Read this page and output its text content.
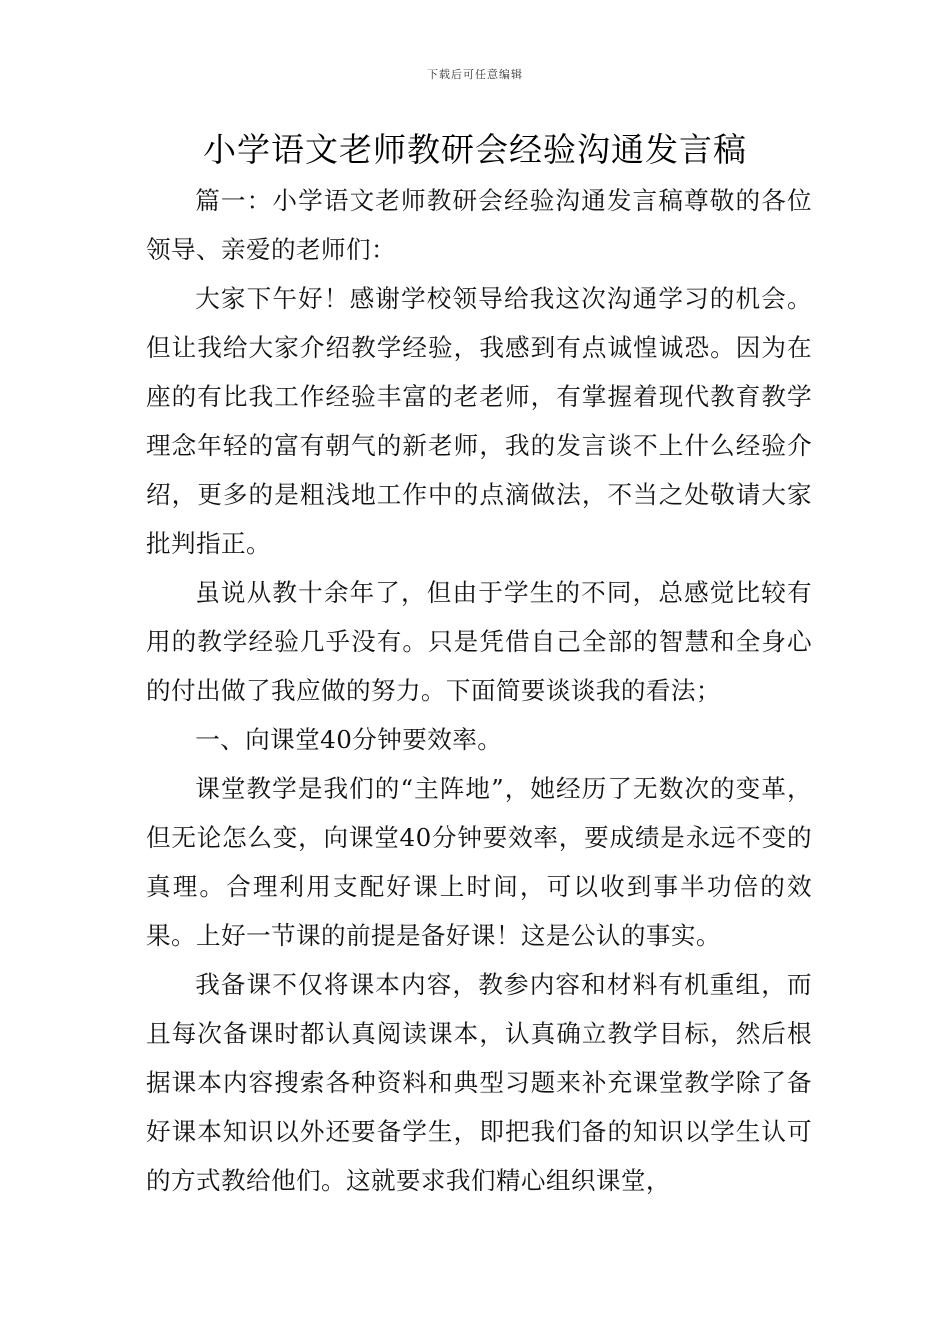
下载后可任意编辑
小学语文老师教研会经验沟通发言稿

篇一：小学语文老师教研会经验沟通发言稿尊敬的各位领导、亲爱的老师们：

大家下午好！感谢学校领导给我这次沟通学习的机会。但让我给大家介绍教学经验，我感到有点诚惶诚恐。因为在座的有比我工作经验丰富的老老师，有掌握着现代教育教学理念年轻的富有朝气的新老师，我的发言谈不上什么经验介绍，更多的是粗浅地工作中的点滴做法，不当之处敬请大家批判指正。

虽说从教十余年了，但由于学生的不同，总感觉比较有用的教学经验几乎没有。只是凭借自己全部的智慧和全身心的付出做了我应做的努力。下面简要谈谈我的看法；

一、向课堂40分钟要效率。

课堂教学是我们的“主阵地”，她经历了无数次的变革，但无论怎么变，向课堂40分钟要效率，要成绩是永远不变的真理。合理利用支配好课上时间，可以收到事半功倍的效果。上好一节课的前提是备好课！这是公认的事实。

我备课不仅将课本内容，教参内容和材料有机重组，而且每次备课时都认真阅读课本，认真确立教学目标，然后根据课本内容搜索各种资料和典型习题来补充课堂教学除了备好课本知识以外还要备学生，即把我们备的知识以学生认可的方式教给他们。这就要求我们精心组织课堂，
